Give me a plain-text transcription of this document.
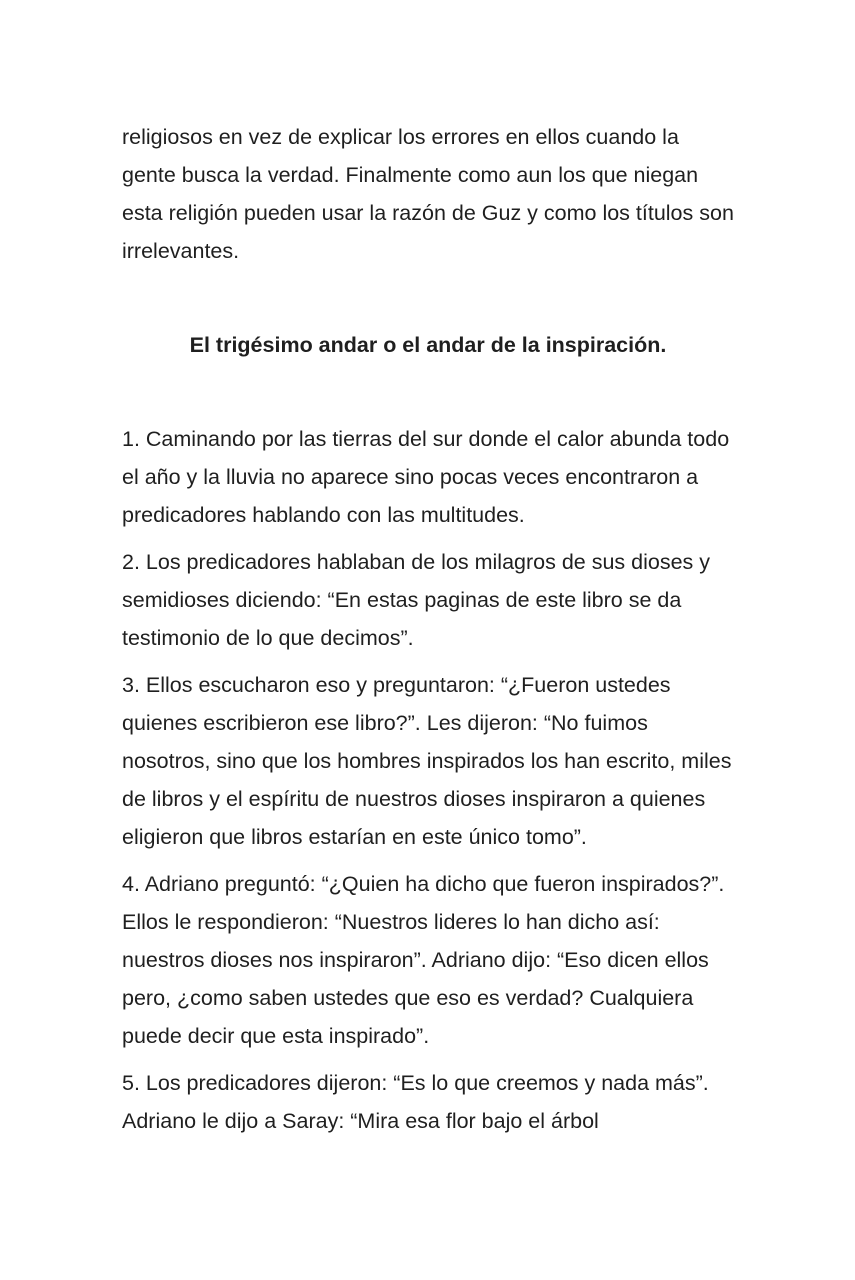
religiosos en vez de explicar los errores en ellos cuando la gente busca la verdad. Finalmente como aun los que niegan esta religión pueden usar la razón de Guz y como los títulos son irrelevantes.

El trigésimo andar o el andar de la inspiración.

1. Caminando por las tierras del sur donde el calor abunda todo el año y la lluvia no aparece sino pocas veces encontraron a predicadores hablando con las multitudes.

2. Los predicadores hablaban de los milagros de sus dioses y semidioses diciendo: “En estas paginas de este libro se da testimonio de lo que decimos”.

3. Ellos escucharon eso y preguntaron: “¿Fueron ustedes quienes escribieron ese libro?”. Les dijeron: “No fuimos nosotros, sino que los hombres inspirados los han escrito, miles de libros y el espíritu de nuestros dioses inspiraron a quienes eligieron que libros estarían en este único tomo”.

4. Adriano preguntó: “¿Quien ha dicho que fueron inspirados?”. Ellos le respondieron: “Nuestros lideres lo han dicho así: nuestros dioses nos inspiraron”. Adriano dijo: “Eso dicen ellos pero, ¿como saben ustedes que eso es verdad? Cualquiera puede decir que esta inspirado”.

5. Los predicadores dijeron: “Es lo que creemos y nada más”. Adriano le dijo a Saray: “Mira esa flor bajo el árbol
